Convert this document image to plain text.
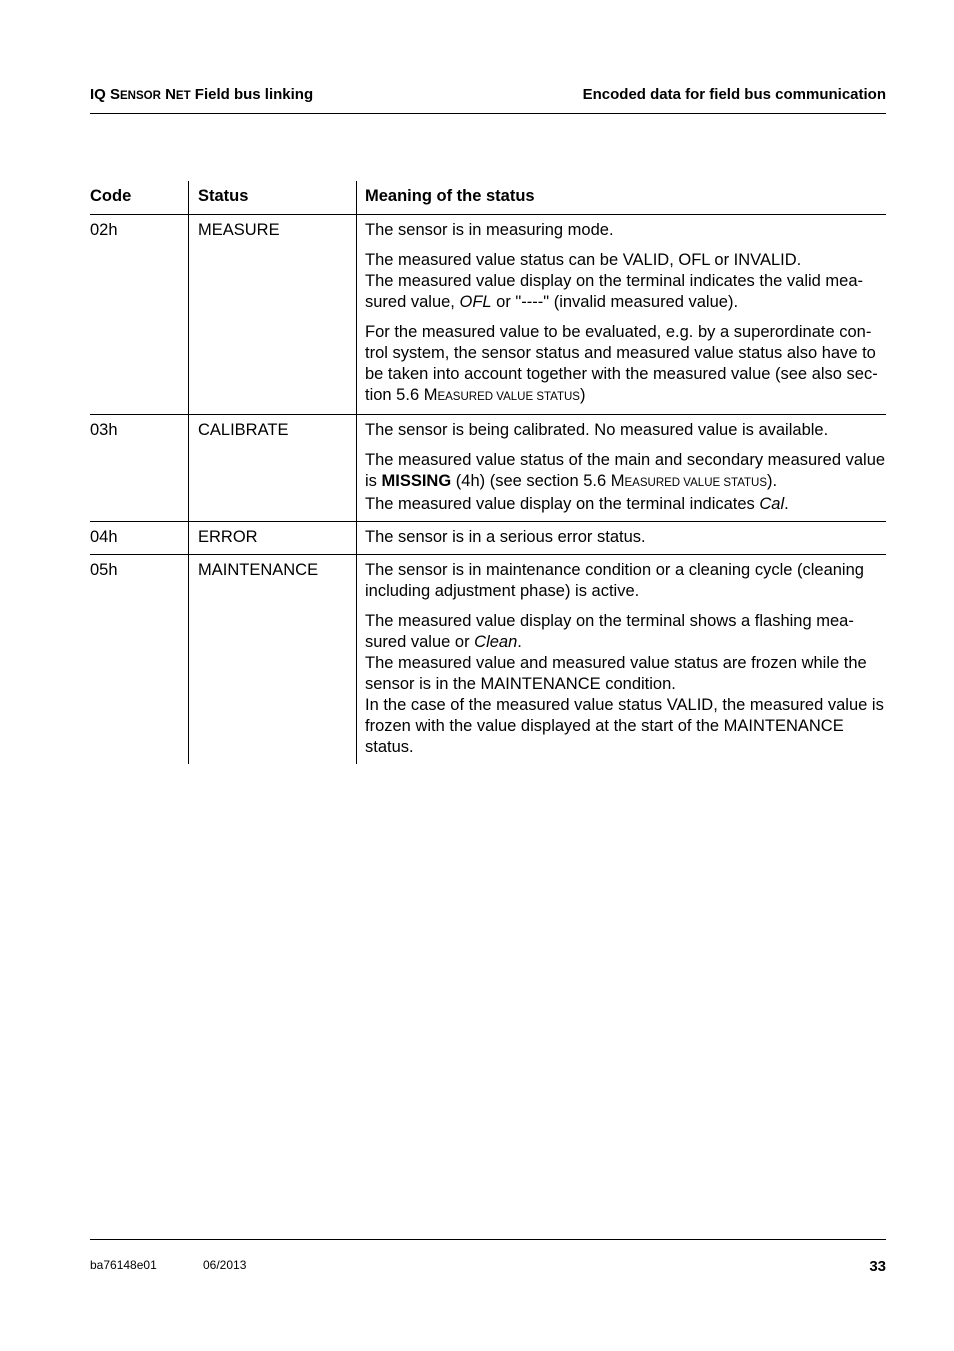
IQ SENSOR NET Field bus linking	Encoded data for field bus communication
Code	Status	Meaning of the status
02h	MEASURE	The sensor is in measuring mode.

The measured value status can be VALID, OFL or INVALID.
The measured value display on the terminal indicates the valid mea-sured value, OFL or "----" (invalid measured value).

For the measured value to be evaluated, e.g. by a superordinate con-trol system, the sensor status and measured value status also have to be taken into account together with the measured value (see also sec-tion 5.6 MEASURED VALUE STATUS)

03h	CALIBRATE	The sensor is being calibrated. No measured value is available.

The measured value status of the main and secondary measured value is MISSING (4h) (see section 5.6 MEASURED VALUE STATUS).
The measured value display on the terminal indicates Cal.

04h	ERROR	The sensor is in a serious error status.

05h	MAINTENANCE	The sensor is in maintenance condition or a cleaning cycle (cleaning including adjustment phase) is active.

The measured value display on the terminal shows a flashing mea-sured value or Clean.
The measured value and measured value status are frozen while the sensor is in the MAINTENANCE condition.
In the case of the measured value status VALID, the measured value is frozen with the value displayed at the start of the MAINTENANCE status.

ba76148e01	06/2013	33
